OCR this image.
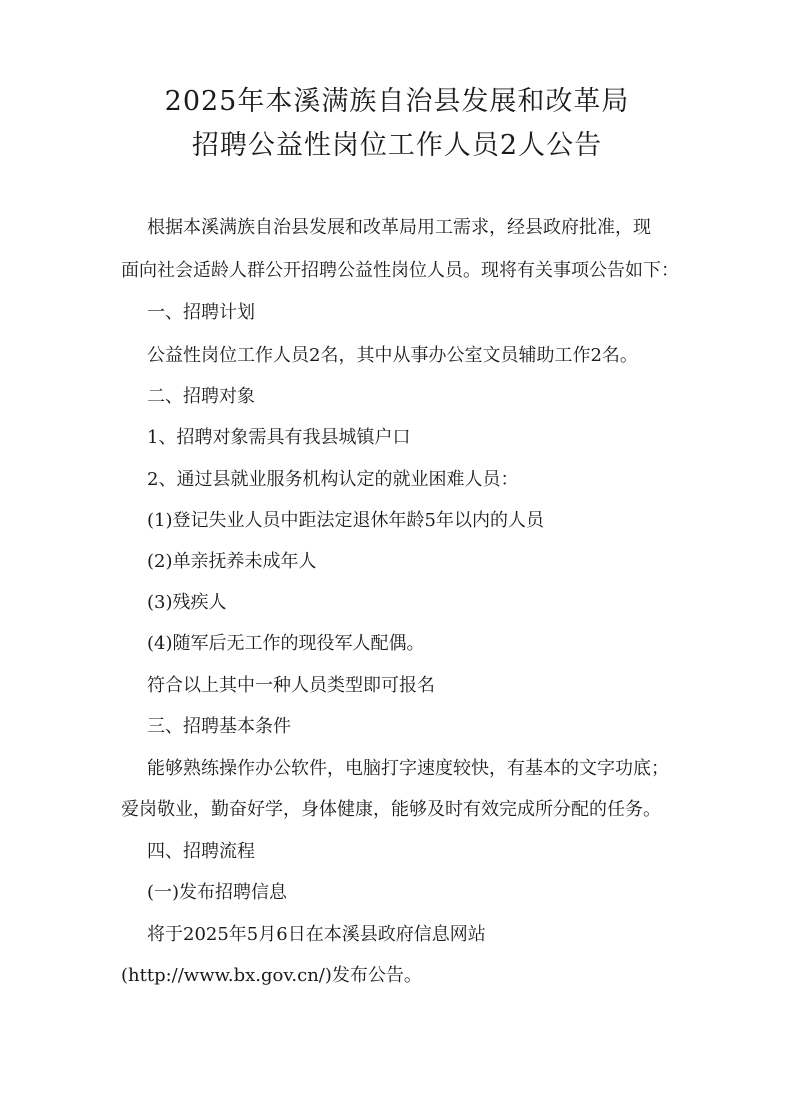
2025年本溪满族自治县发展和改革局
招聘公益性岗位工作人员2人公告
根据本溪满族自治县发展和改革局用工需求，经县政府批准，现
面向社会适龄人群公开招聘公益性岗位人员。现将有关事项公告如下：
一、招聘计划
公益性岗位工作人员2名，其中从事办公室文员辅助工作2名。
二、招聘对象
1、招聘对象需具有我县城镇户口
2、通过县就业服务机构认定的就业困难人员：
(1)登记失业人员中距法定退休年龄5年以内的人员
(2)单亲抚养未成年人
(3)残疾人
(4)随军后无工作的现役军人配偶。
符合以上其中一种人员类型即可报名
三、招聘基本条件
能够熟练操作办公软件，电脑打字速度较快，有基本的文字功底；
爱岗敬业，勤奋好学，身体健康，能够及时有效完成所分配的任务。
四、招聘流程
(一)发布招聘信息
将于2025年5月6日在本溪县政府信息网站
(http://www.bx.gov.cn/)发布公告。
